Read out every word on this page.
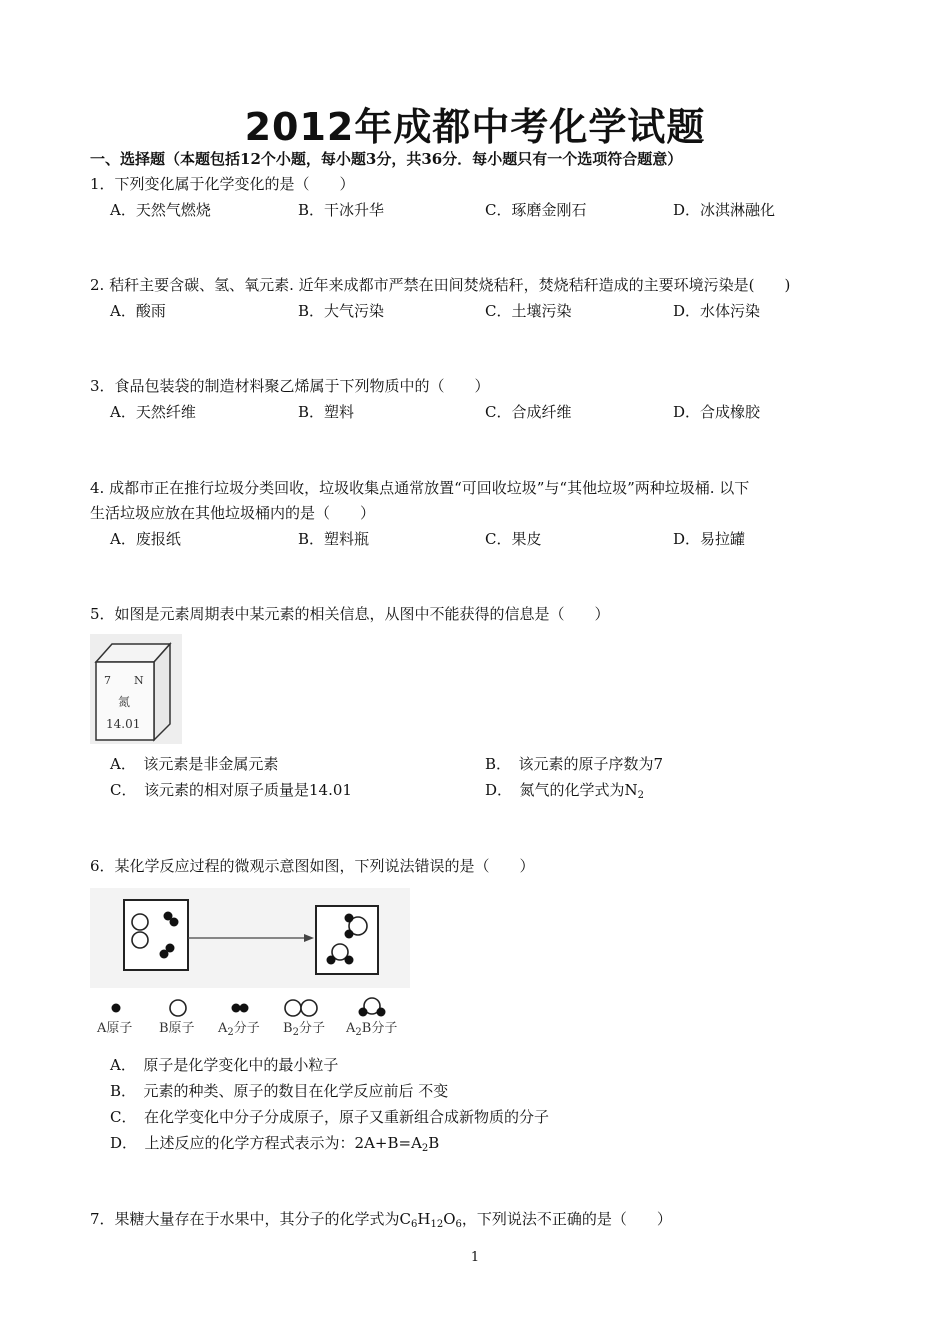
2012年成都中考化学试题
一、选择题（本题包括12个小题，每小题3分，共36分．每小题只有一个选项符合题意）
1．下列变化属于化学变化的是（　　）
A．天然气燃烧	B．干冰升华	C．琢磨金刚石	D．冰淇淋融化
2. 秸秆主要含碳、氢、氧元素. 近年来成都市严禁在田间焚烧秸秆，焚烧秸秆造成的主要环境污染是(　　)
A．酸雨	B．大气污染	C．土壤污染	D．水体污染
3．食品包装袋的制造材料聚乙烯属于下列物质中的（　　）
A．天然纤维	B．塑料	C．合成纤维	D．合成橡胶
4. 成都市正在推行垃圾分类回收，垃圾收集点通常放置“可回收垃圾”与“其他垃圾”两种垃圾桶. 以下
生活垃圾应放在其他垃圾桶内的是（　　）
A．废报纸	B．塑料瓶	C．果皮	D．易拉罐
5．如图是元素周期表中某元素的相关信息，从图中不能获得的信息是（　　）
7 N
氮
14.01
A．　该元素是非金属元素	B．　该元素的原子序数为7
C．　该元素的相对原子质量是14.01	D．　氮气的化学式为$N_2$
6．某化学反应过程的微观示意图如图，下列说法错误的是（　　）
A原子 B原子 $A_2$分子 $B_2$分子 $A_2B$分子
A．　原子是化学变化中的最小粒子
B．　元素的种类、原子的数目在化学反应前后 不变
C．　在化学变化中分子分成原子，原子又重新组合成新物质的分子
D．　上述反应的化学方程式表示为：$2A+B=A_2B$
7．果糖大量存在于水果中，其分子的化学式为$C_6H_{12}O_6$，下列说法不正确的是（　　）
1
